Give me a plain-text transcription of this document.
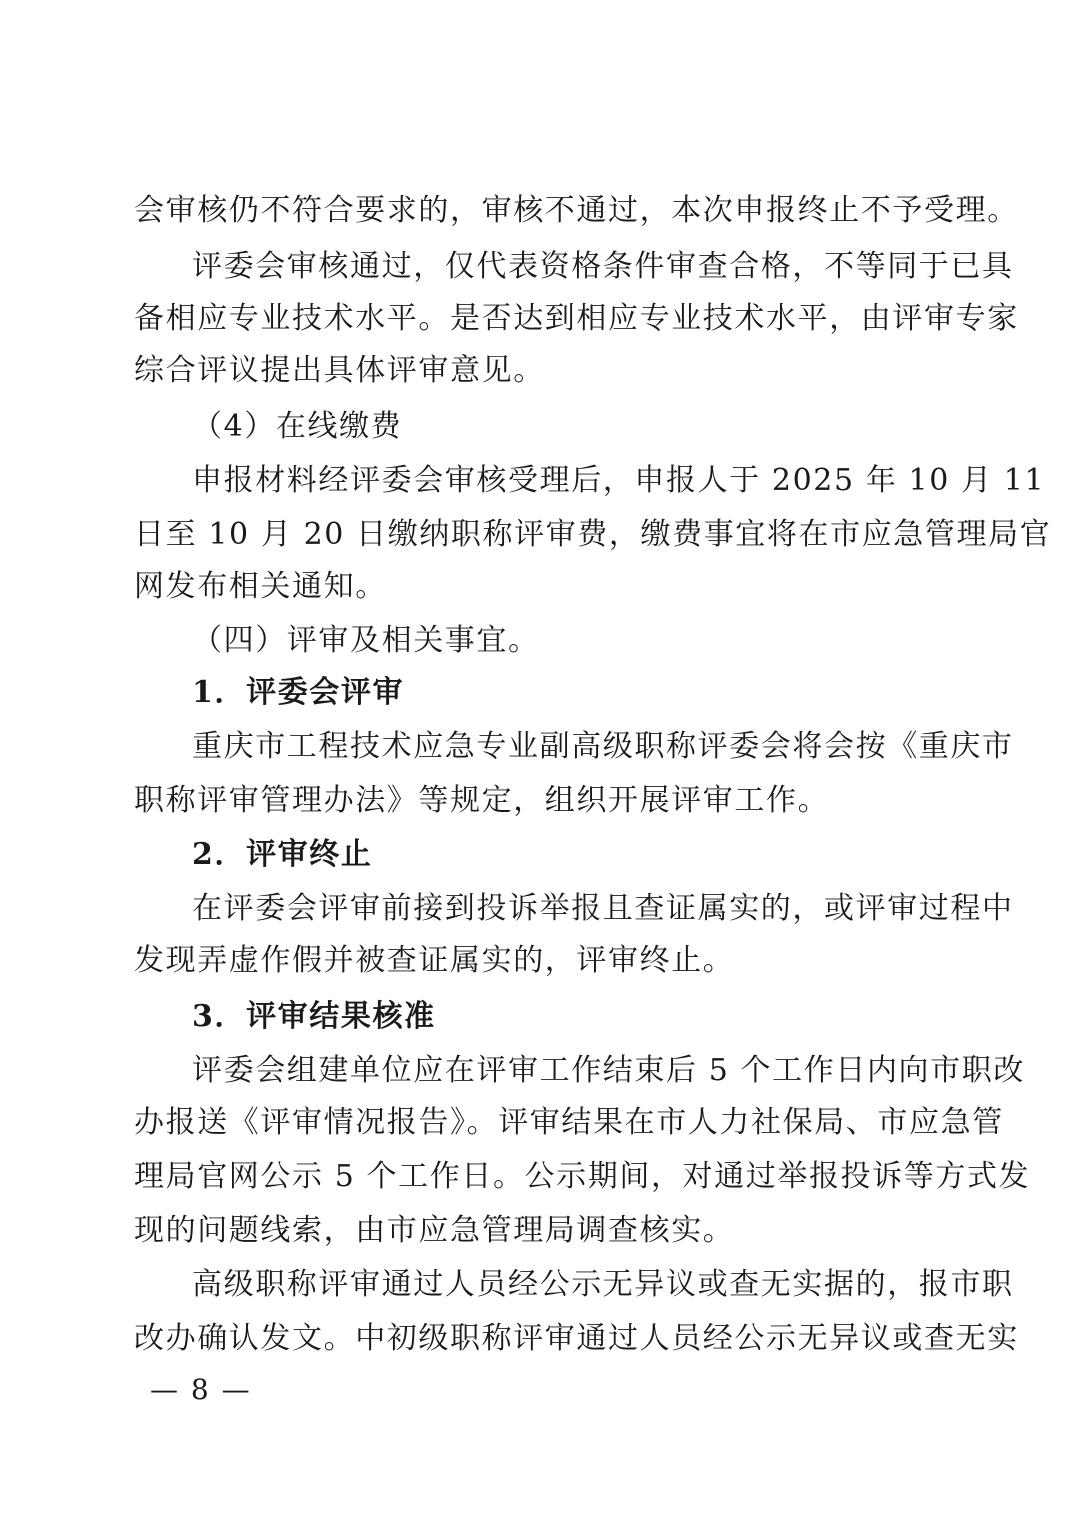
会审核仍不符合要求的，审核不通过，本次申报终止不予受理。
评委会审核通过，仅代表资格条件审查合格，不等同于已具
备相应专业技术水平。是否达到相应专业技术水平，由评审专家
综合评议提出具体评审意见。
（4）在线缴费
申报材料经评委会审核受理后，申报人于 2025 年 10 月 11
日至 10 月 20 日缴纳职称评审费，缴费事宜将在市应急管理局官
网发布相关通知。
（四）评审及相关事宜。
1．评委会评审
重庆市工程技术应急专业副高级职称评委会将会按《重庆市
职称评审管理办法》等规定，组织开展评审工作。
2．评审终止
在评委会评审前接到投诉举报且查证属实的，或评审过程中
发现弄虚作假并被查证属实的，评审终止。
3．评审结果核准
评委会组建单位应在评审工作结束后 5 个工作日内向市职改
办报送《评审情况报告》。评审结果在市人力社保局、市应急管
理局官网公示 5 个工作日。公示期间，对通过举报投诉等方式发
现的问题线索，由市应急管理局调查核实。
高级职称评审通过人员经公示无异议或查无实据的，报市职
改办确认发文。中初级职称评审通过人员经公示无异议或查无实
— 8 —
